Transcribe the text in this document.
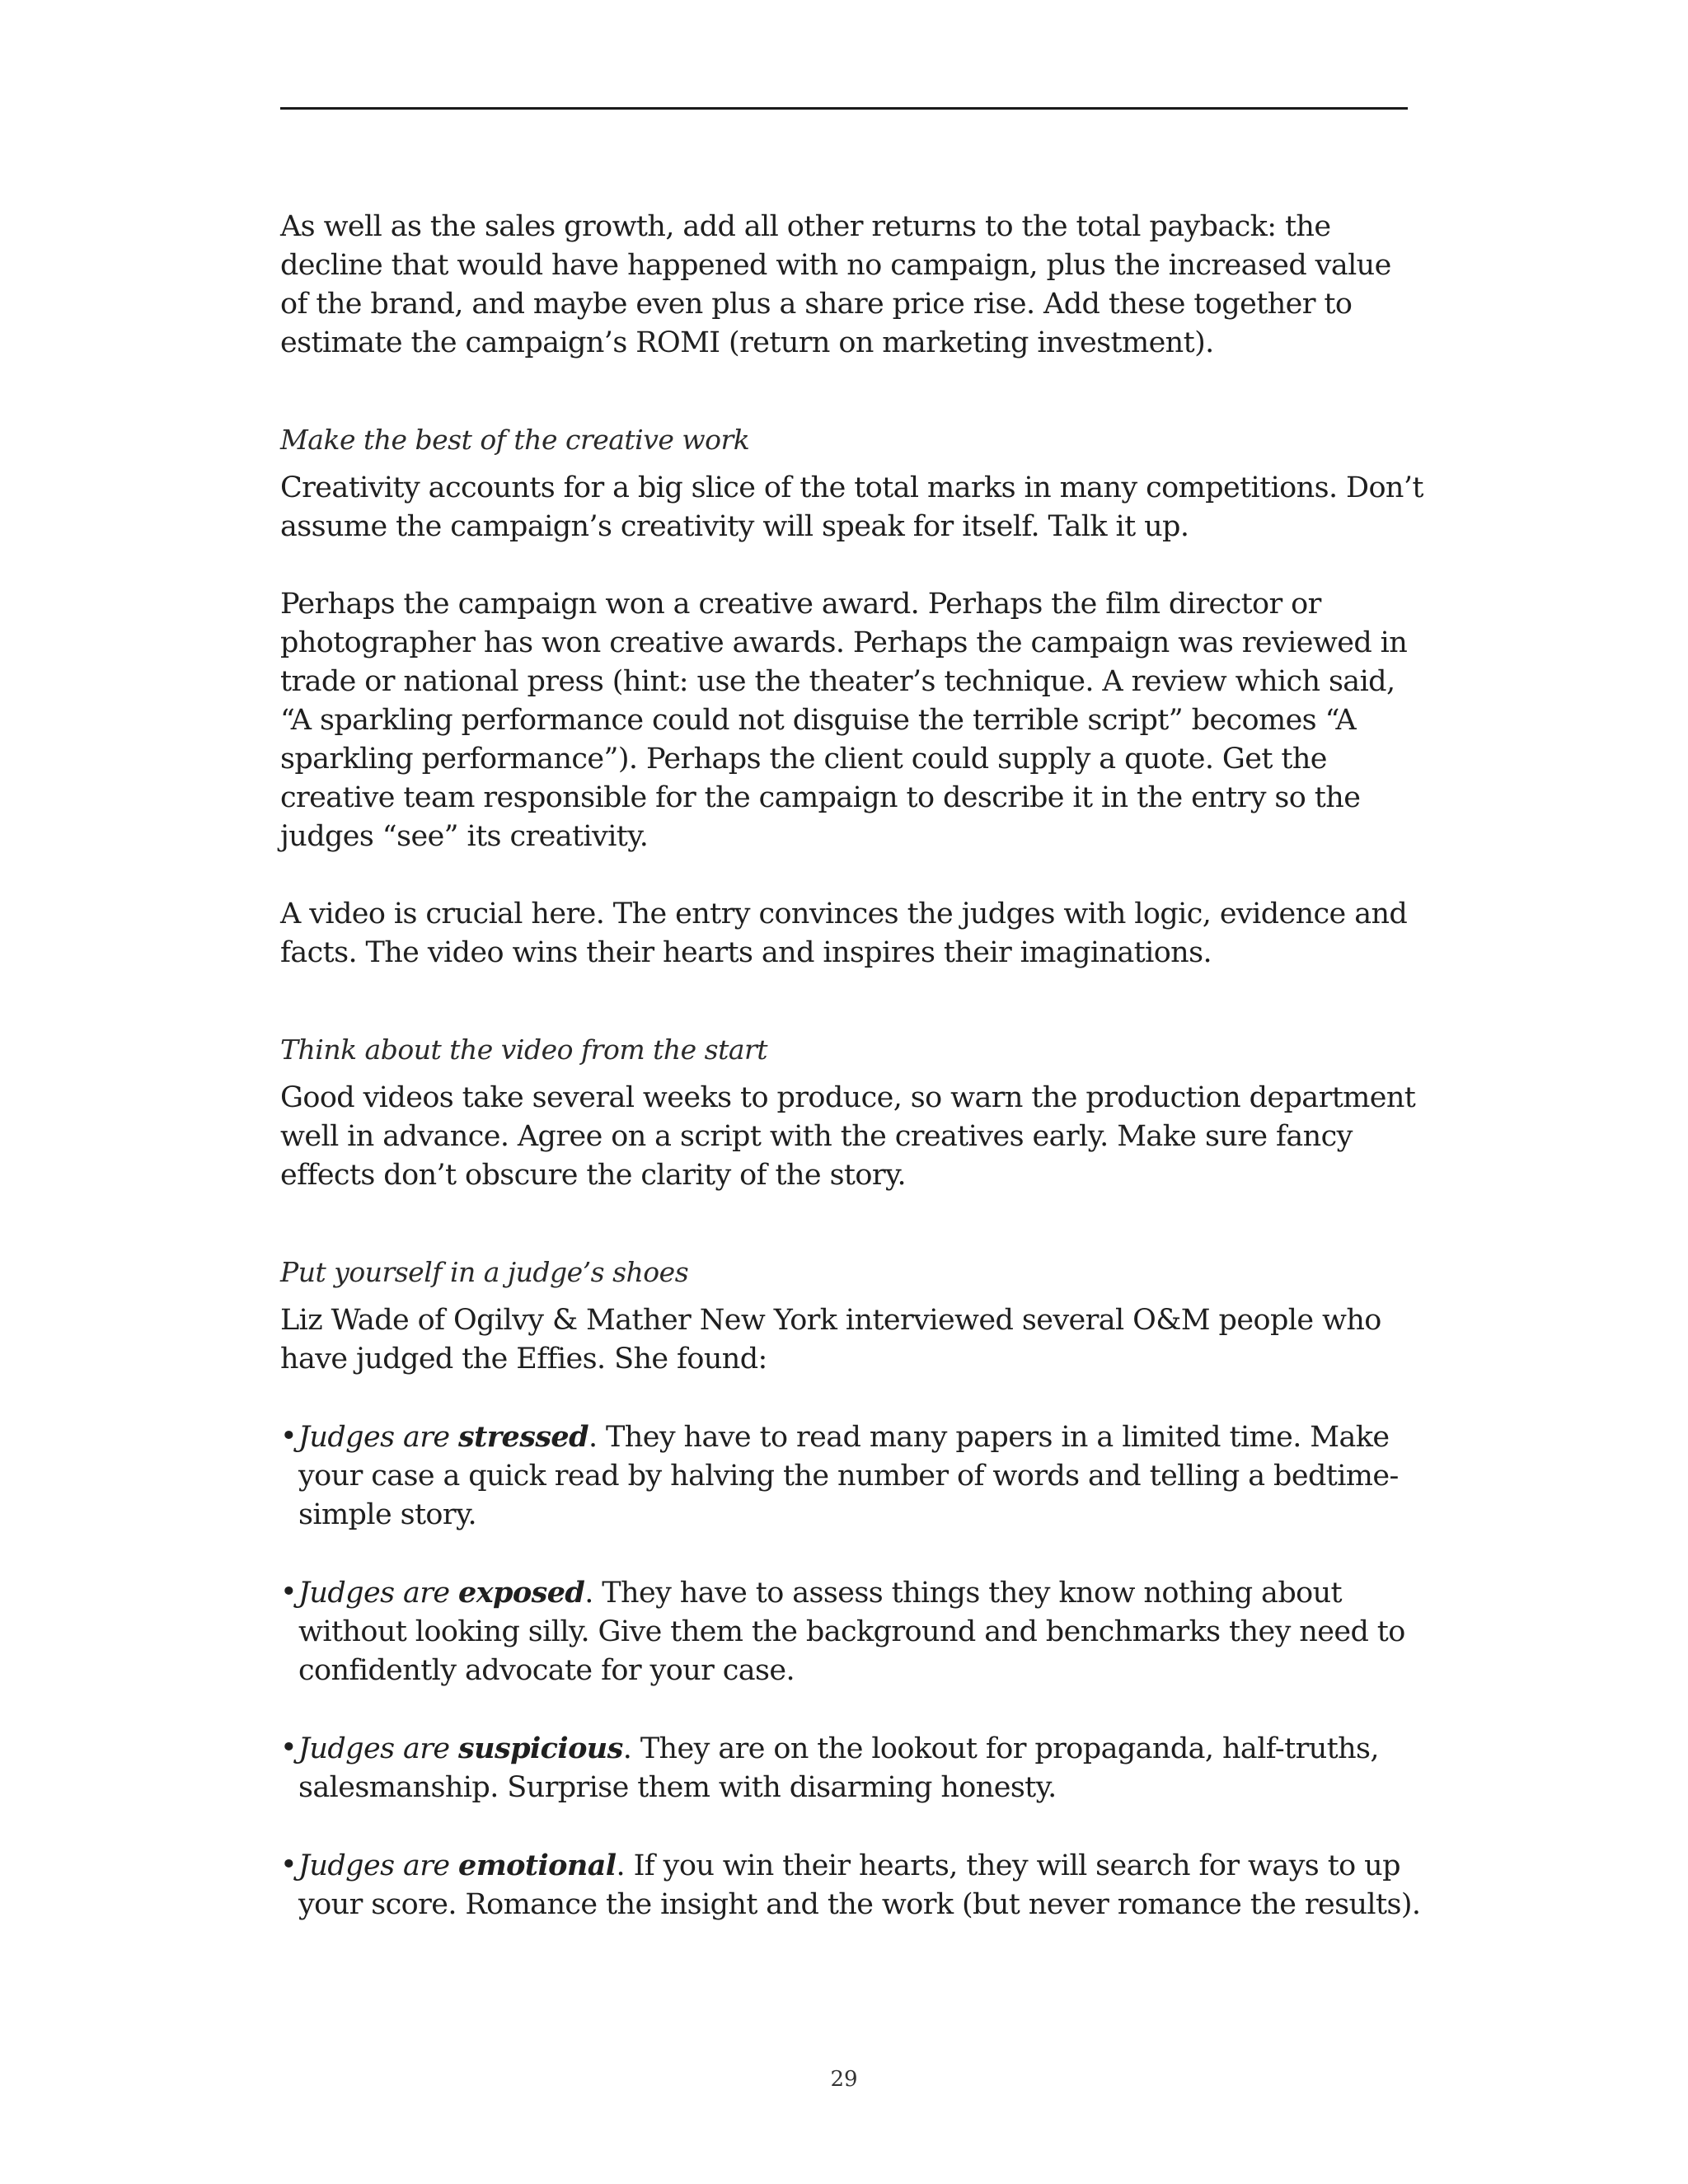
As well as the sales growth, add all other returns to the total payback: the decline that would have happened with no campaign, plus the increased value of the brand, and maybe even plus a share price rise. Add these together to estimate the campaign’s ROMI (return on marketing investment).

Make the best of the creative work

Creativity accounts for a big slice of the total marks in many competitions. Don’t assume the campaign’s creativity will speak for itself. Talk it up.

Perhaps the campaign won a creative award. Perhaps the film director or photographer has won creative awards. Perhaps the campaign was reviewed in trade or national press (hint: use the theater’s technique. A review which said, “A sparkling performance could not disguise the terrible script” becomes “A sparkling performance”). Perhaps the client could supply a quote. Get the creative team responsible for the campaign to describe it in the entry so the judges “see” its creativity.

A video is crucial here. The entry convinces the judges with logic, evidence and facts. The video wins their hearts and inspires their imaginations.

Think about the video from the start

Good videos take several weeks to produce, so warn the production department well in advance. Agree on a script with the creatives early. Make sure fancy effects don’t obscure the clarity of the story.

Put yourself in a judge’s shoes

Liz Wade of Ogilvy & Mather New York interviewed several O&M people who have judged the Effies. She found:

• Judges are stressed. They have to read many papers in a limited time. Make your case a quick read by halving the number of words and telling a bedtime-simple story.

• Judges are exposed. They have to assess things they know nothing about without looking silly. Give them the background and benchmarks they need to confidently advocate for your case.

• Judges are suspicious. They are on the lookout for propaganda, half-truths, salesmanship. Surprise them with disarming honesty.

• Judges are emotional. If you win their hearts, they will search for ways to up your score. Romance the insight and the work (but never romance the results).

29
